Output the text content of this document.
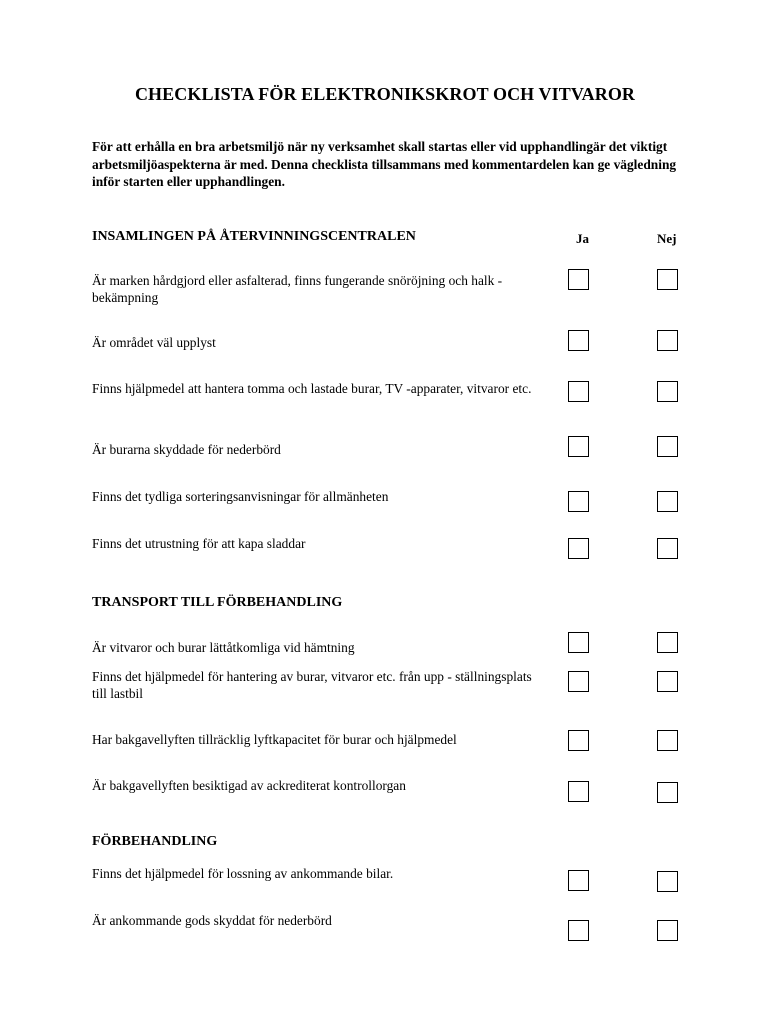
CHECKLISTA FÖR ELEKTRONIKSKROT OCH VITVAROR
För att erhålla en bra arbetsmiljö när ny verksamhet skall startas eller vid upphandlingär det viktigt arbetsmiljöaspekterna är med. Denna checklista tillsammans med kommentardelen kan ge vägledning inför starten eller upphandlingen.
INSAMLINGEN PÅ ÅTERVINNINGSCENTRALEN	Ja	Nej
Är marken hårdgjord eller asfalterad, finns fungerande snöröjning och halk - bekämpning
Är området väl upplyst
Finns hjälpmedel att hantera tomma och lastade burar, TV -apparater, vitvaror etc.
Är burarna skyddade för nederbörd
Finns det tydliga sorteringsanvisningar för allmänheten
Finns det utrustning för att kapa sladdar
TRANSPORT TILL FÖRBEHANDLING
Är vitvaror och burar lättåtkomliga vid hämtning
Finns det hjälpmedel för hantering av burar, vitvaror etc. från upp - ställningsplats till lastbil
Har bakgavellyften tillräcklig lyftkapacitet för burar och hjälpmedel
Är bakgavellyften besiktigad av ackrediterat kontrollorgan
FÖRBEHANDLING
Finns det hjälpmedel för lossning av ankommande bilar.
Är ankommande gods skyddat för nederbörd
